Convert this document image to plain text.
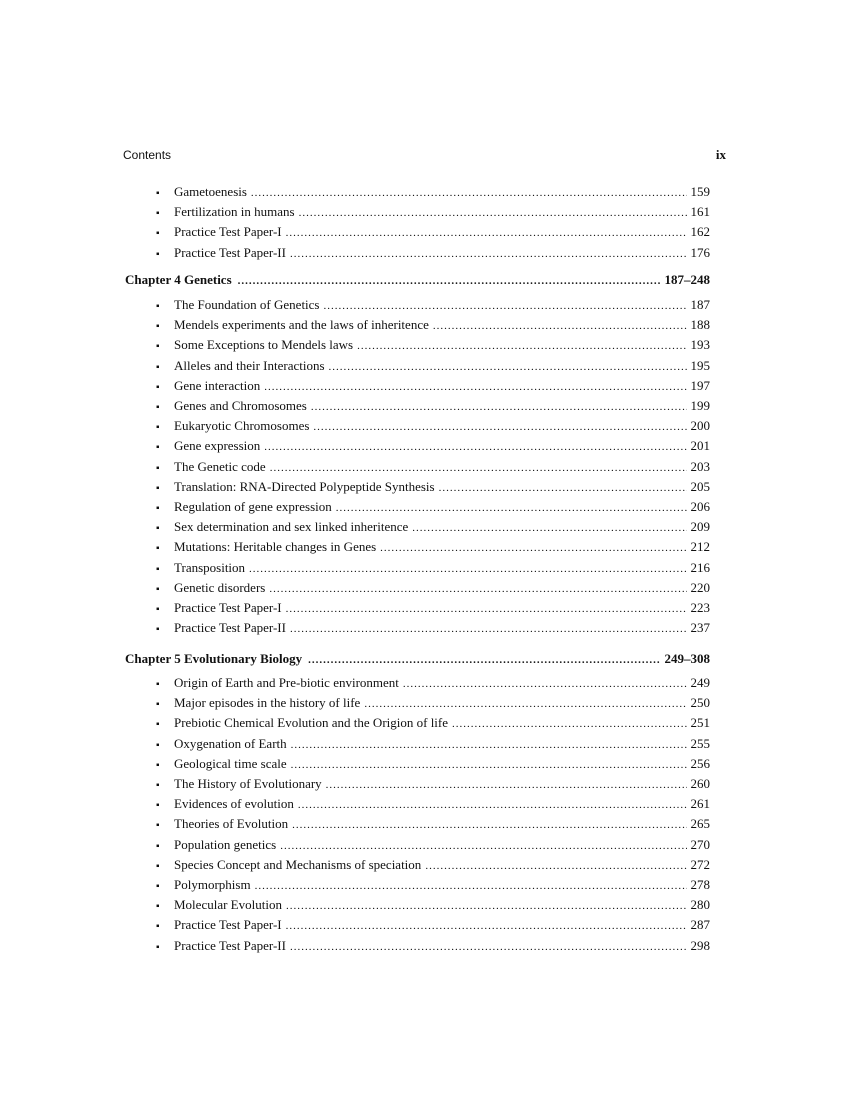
Contents	ix
▪	Gametoenesis .....	159
▪	Fertilization in humans .....	161
▪	Practice Test Paper-I .....	162
▪	Practice Test Paper-II .....	176
Chapter 4 Genetics .....	187–248
▪	The Foundation of Genetics .....	187
▪	Mendels experiments and the laws of inheritence .....	188
▪	Some Exceptions to Mendels laws .....	193
▪	Alleles and their Interactions .....	195
▪	Gene interaction .....	197
▪	Genes and Chromosomes .....	199
▪	Eukaryotic Chromosomes .....	200
▪	Gene expression .....	201
▪	The Genetic code .....	203
▪	Translation: RNA-Directed Polypeptide Synthesis .....	205
▪	Regulation of gene expression .....	206
▪	Sex determination and sex linked inheritence .....	209
▪	Mutations: Heritable changes in Genes .....	212
▪	Transposition .....	216
▪	Genetic disorders .....	220
▪	Practice Test Paper-I .....	223
▪	Practice Test Paper-II .....	237
Chapter 5 Evolutionary Biology .....	249–308
▪	Origin of Earth and Pre-biotic environment .....	249
▪	Major episodes in the history of life .....	250
▪	Prebiotic Chemical Evolution and the Origion of life .....	251
▪	Oxygenation of Earth .....	255
▪	Geological time scale .....	256
▪	The History of Evolutionary .....	260
▪	Evidences of evolution .....	261
▪	Theories of Evolution .....	265
▪	Population genetics .....	270
▪	Species Concept and Mechanisms of speciation .....	272
▪	Polymorphism .....	278
▪	Molecular Evolution .....	280
▪	Practice Test Paper-I .....	287
▪	Practice Test Paper-II .....	298
